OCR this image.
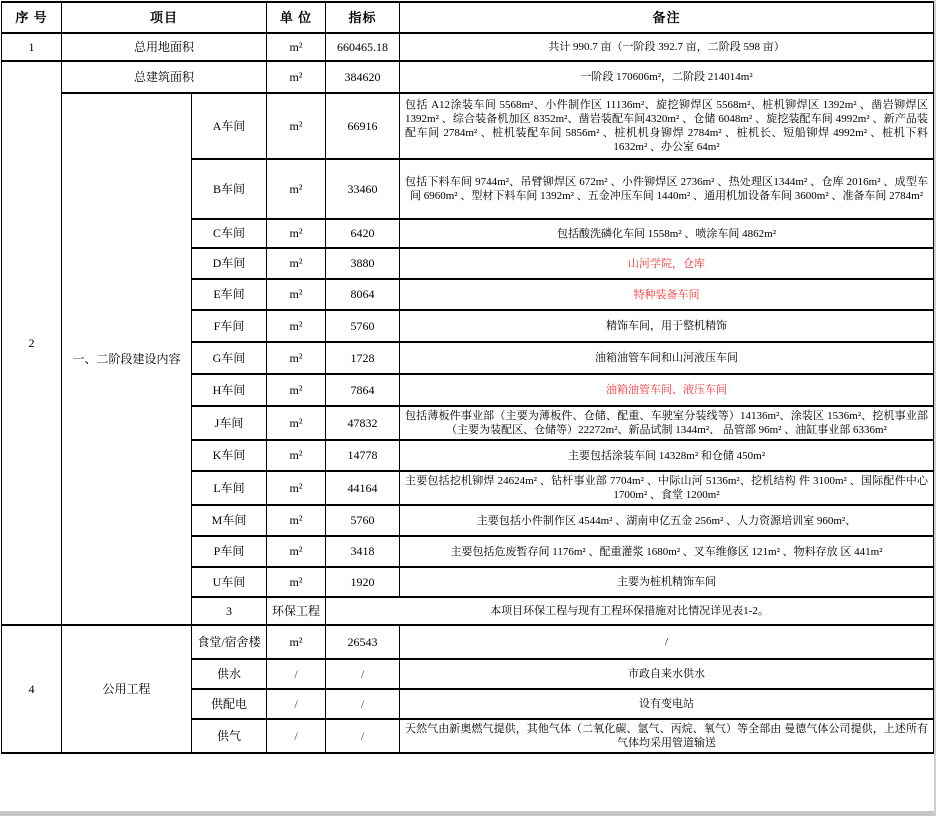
序 号	项目		单 位	指标	备注
1	总用地面积		m²	660465.18	共计 990.7 亩（一阶段 392.7 亩，二阶段 598 亩）
2	总建筑面积		m²	384620	一阶段 170606m²，二阶段 214014m²
	一、二阶段建设内容	A车间	m²	66916	包括 A12涂装车间 5568m²、小件制作区 11136m²、旋挖铆焊区 5568m²、桩机铆焊区 1392m² 、凿岩铆焊区 1392m² 、综合装备机加区 8352m²、凿岩装配车间4320m² 、仓储 6048m² 、旋挖装配车间 4992m² 、新产品装配车间 2784m² 、桩机装配车间 5856m² 、桩机机身铆焊 2784m² 、桩机长、短船铆焊 4992m² 、桩机下料 1632m² 、办公室 64m²
		B车间	m²	33460	包括下料车间 9744m²、吊臂铆焊区 672m² 、小件铆焊区 2736m² 、热处理区1344m² 、仓库 2016m² 、成型车间 6960m² 、型材下料车间 1392m² 、五金冲压车间 1440m² 、通用机加设备车间 3600m² 、准备车间 2784m²
		C车间	m²	6420	包括酸洗磷化车间 1558m² 、喷涂车间 4862m²
		D车间	m²	3880	山河学院，仓库
		E车间	m²	8064	特种装备车间
		F车间	m²	5760	精饰车间，用于整机精饰
		G车间	m²	1728	油箱油管车间和山河液压车间
		H车间	m²	7864	油箱油管车间、液压车间
		J车间	m²	47832	包括薄板件事业部（主要为薄板件、仓储、配重、车驶室分装线等）14136m²、涂装区 1536m²、挖机事业部（主要为装配区、仓储等）22272m²、新品试制 1344m²、 品管部 96m² 、油缸事业部 6336m²
		K车间	m²	14778	主要包括涂装车间 14328m² 和仓储 450m²
		L车间	m²	44164	主要包括挖机铆焊 24624m² 、钻杆事业部 7704m² 、中际山河 5136m²、挖机结构 件 3100m² 、国际配件中心 1700m² 、食堂 1200m²
		M车间	m²	5760	主要包括小件制作区 4544m² 、湖南申亿五金 256m² 、人力资源培训室 960m²、
		P车间	m²	3418	主要包括危废暂存间 1176m² 、配重灌浆 1680m² 、叉车维修区 121m² 、物料存放 区 441m²
		U车间	m²	1920	主要为桩机精饰车间
		3	环保工程	本项目环保工程与现有工程环保措施对比情况详见表1-2。	
4	公用工程	食堂/宿舍楼	m²	26543	/
		供水	/	/	市政自来水供水
		供配电	/	/	设有变电站
		供气	/	/	天然气由新奥燃气提供，其他气体（二氧化碳、氩气、丙烷、氧气）等全部由 曼德气体公司提供，上述所有气体均采用管道输送
